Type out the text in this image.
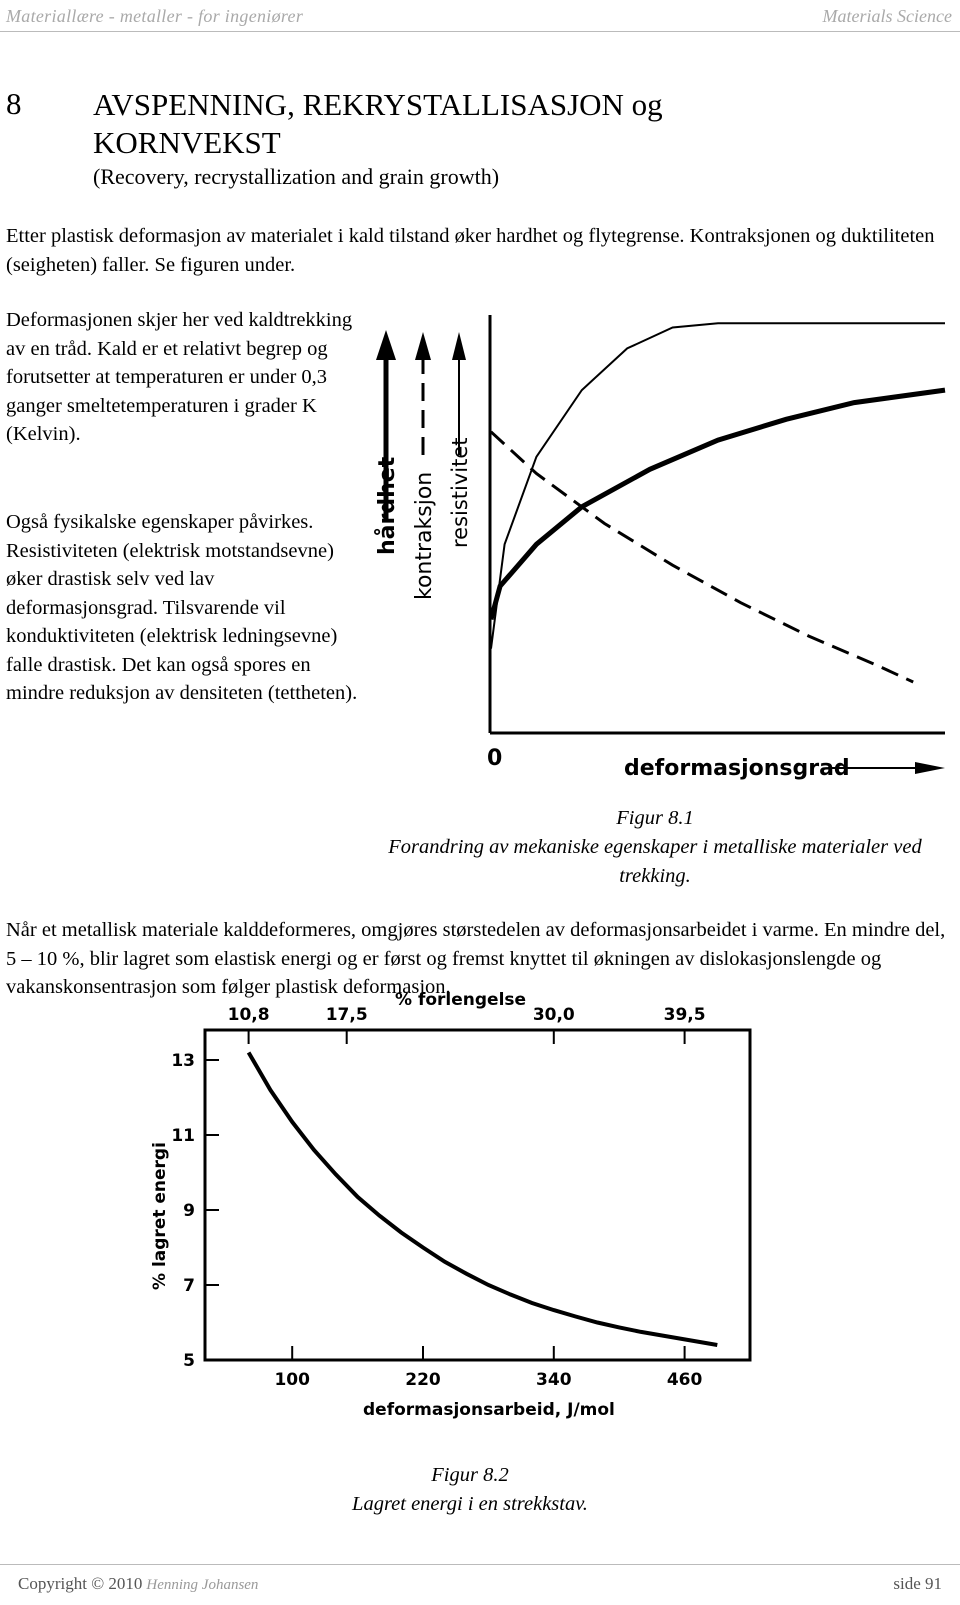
Materiallære - metaller - for ingeniører	Materials Science
8 AVSPENNING, REKRYSTALLISASJON og KORNVEKST
(Recovery, recrystallization and grain growth)
Etter plastisk deformasjon av materialet i kald tilstand øker hardhet og flytegrense. Kontraksjonen og duktiliteten (seigheten) faller. Se figuren under.
Deformasjonen skjer her ved kaldtrekking av en tråd. Kald er et relativt begrep og forutsetter at temperaturen er under 0,3 ganger smeltetemperaturen i grader K (Kelvin).
Også fysikalske egenskaper påvirkes. Resistiviteten (elektrisk motstandsevne) øker drastisk selv ved lav deformasjonsgrad. Tilsvarende vil konduktiviteten (elektrisk ledningsevne) falle drastisk. Det kan også spores en mindre reduksjon av densiteten (tettheten).
hårdhet kontraksjon resistivitet
0	deformasjonsgrad
Figur 8.1
Forandring av mekaniske egenskaper i metalliske materialer ved trekking.
Når et metallisk materiale kalddeformeres, omgjøres størstedelen av deformasjonsarbeidet i varme. En mindre del, 5 – 10 %, blir lagret som elastisk energi og er først og fremst knyttet til økningen av dislokasjonslengde og vakanskonsentrasjon som følger plastisk deformasjon.
% forlengelse
deformasjonsarbeid, J/mol
% lagret energi
100	220	340	460
5
7
9
11
13
10,8	17,5	30,0	39,5
Figur 8.2
Lagret energi i en strekkstav.
Copyright © 2010 Henning Johansen	side 91
